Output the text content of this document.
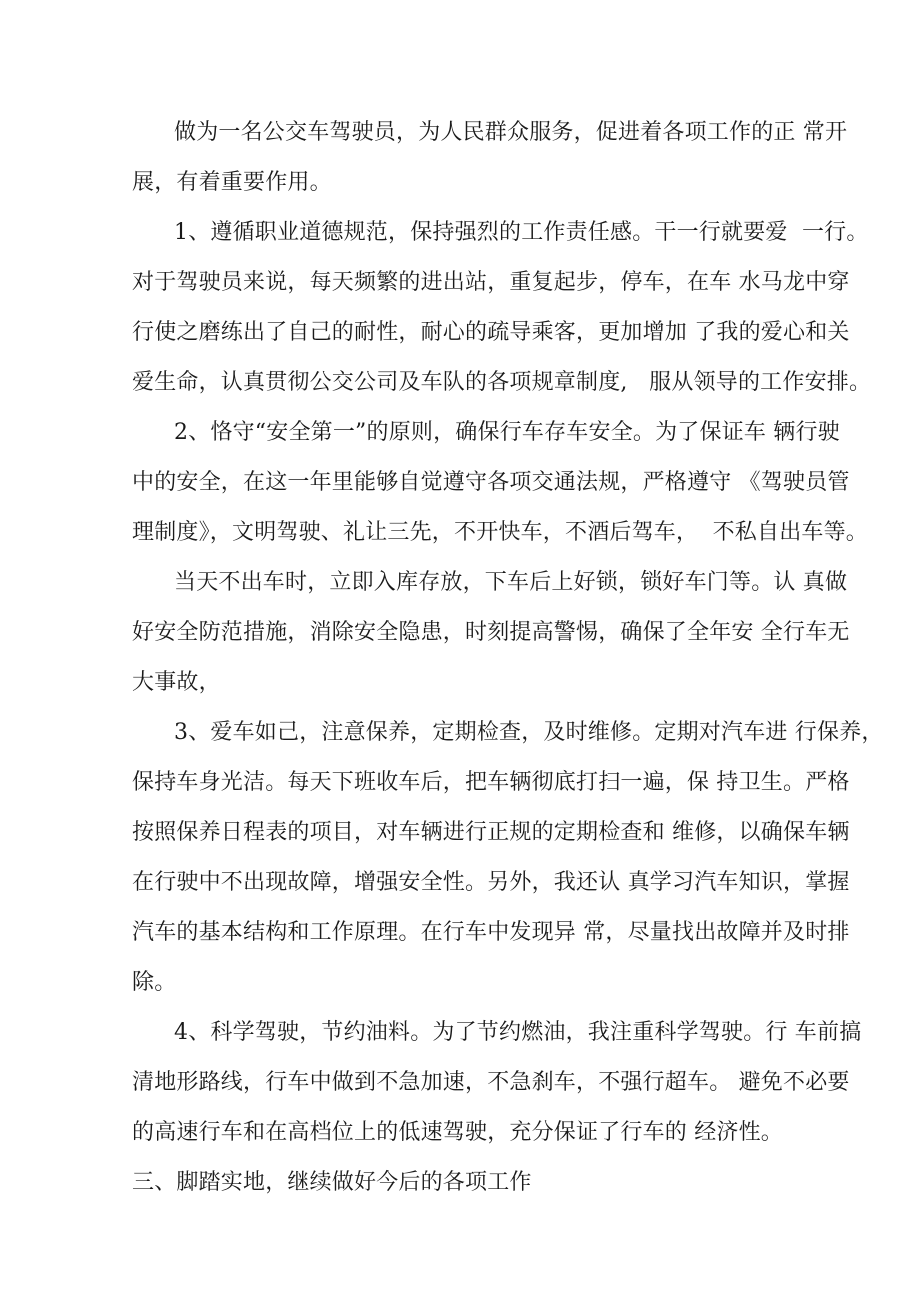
做为一名公交车驾驶员，为人民群众服务，促进着各项工作的正 常开
展，有着重要作用。
1、遵循职业道德规范，保持强烈的工作责任感。干一行就要爱  一行。
对于驾驶员来说，每天频繁的进出站，重复起步，停车，在车 水马龙中穿
行使之磨练出了自己的耐性，耐心的疏导乘客，更加增加 了我的爱心和关
爱生命，认真贯彻公交公司及车队的各项规章制度,   服从领导的工作安排。
2、恪守“安全第一”的原则，确保行车存车安全。为了保证车 辆行驶
中的安全，在这一年里能够自觉遵守各项交通法规，严格遵守 《驾驶员管
理制度》，文明驾驶、礼让三先，不开快车，不酒后驾车，  不私自出车等。
当天不出车时，立即入库存放，下车后上好锁，锁好车门等。认 真做
好安全防范措施，消除安全隐患，时刻提高警惕，确保了全年安 全行车无
大事故，
3、爱车如己，注意保养，定期检查，及时维修。定期对汽车进 行保养，
保持车身光洁。每天下班收车后，把车辆彻底打扫一遍，保 持卫生。严格
按照保养日程表的项目，对车辆进行正规的定期检查和 维修，以确保车辆
在行驶中不出现故障，增强安全性。另外，我还认 真学习汽车知识，掌握
汽车的基本结构和工作原理。在行车中发现异 常，尽量找出故障并及时排
除。
4、科学驾驶，节约油料。为了节约燃油，我注重科学驾驶。行 车前搞
清地形路线，行车中做到不急加速，不急刹车，不强行超车。 避免不必要
的高速行车和在高档位上的低速驾驶，充分保证了行车的 经济性。
三、脚踏实地，继续做好今后的各项工作
